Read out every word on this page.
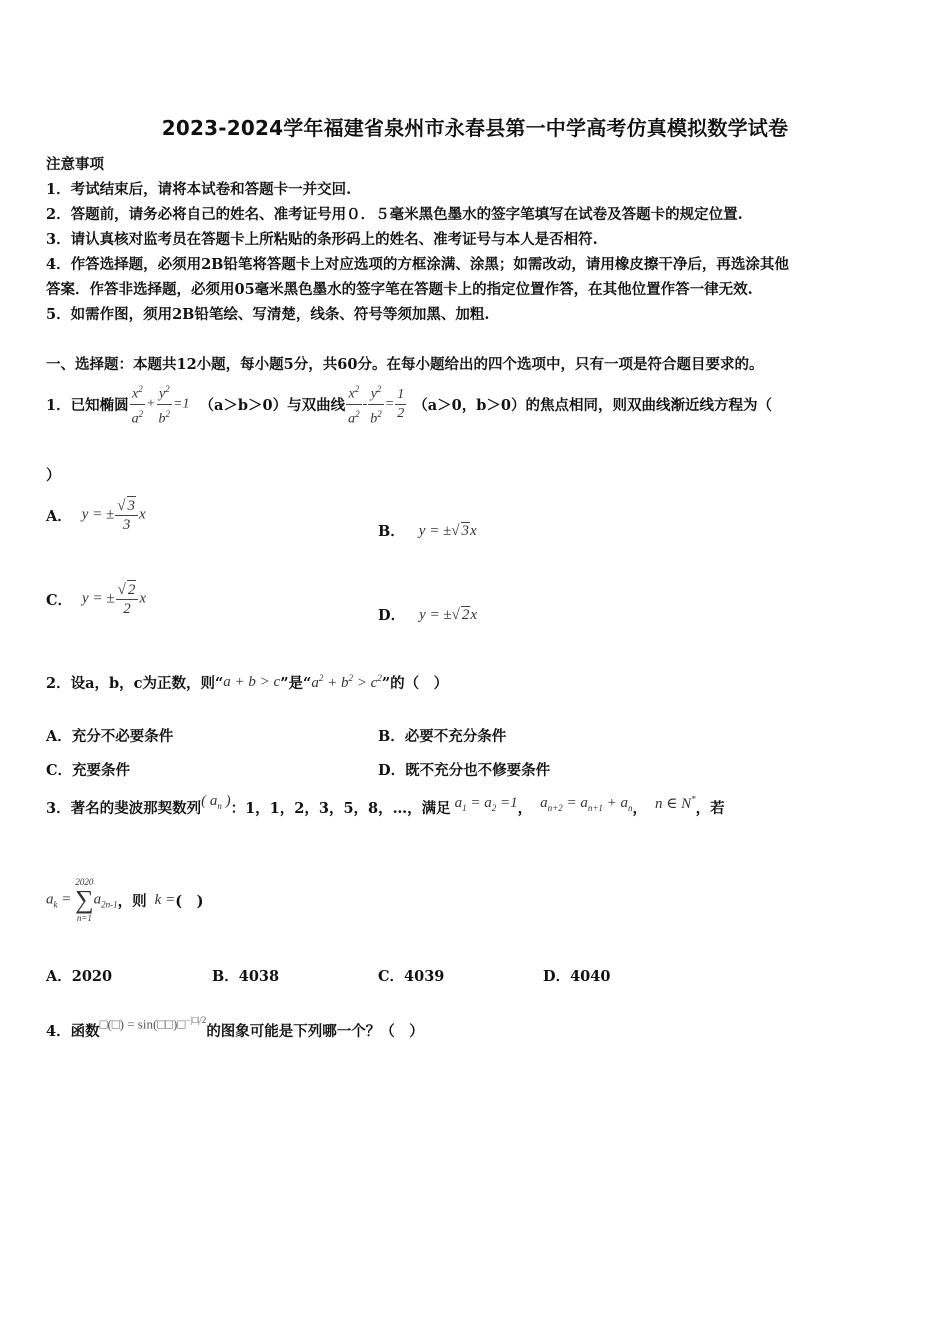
2023-2024学年福建省泉州市永春县第一中学高考仿真模拟数学试卷
注意事项
1．考试结束后，请将本试卷和答题卡一并交回.
2．答题前，请务必将自己的姓名、准考证号用０．５毫米黑色墨水的签字笔填写在试卷及答题卡的规定位置.
3．请认真核对监考员在答题卡上所粘贴的条形码上的姓名、准考证号与本人是否相符.
4．作答选择题，必须用2B铅笔将答题卡上对应选项的方框涂满、涂黑；如需改动，请用橡皮擦干净后，再选涂其他
答案．作答非选择题，必须用05毫米黑色墨水的签字笔在答题卡上的指定位置作答，在其他位置作答一律无效.
5．如需作图，须用2B铅笔绘、写清楚，线条、符号等须加黑、加粗.
一、选择题：本题共12小题，每小题5分，共60分。在每小题给出的四个选项中，只有一项是符合题目要求的。
1．已知椭圆 $\frac{x^2}{a^2} + \frac{y^2}{b^2} =1$ （a＞b＞0）与双曲线 $\frac{x^2}{a^2} - \frac{y^2}{b^2} = \frac{1}{2} (a>0$，b＞0）的焦点相同，则双曲线渐近线方程为（
）
A． y = ± $\frac{√ 3}{3}$ x
B． y = ±√ 3x
C． y = ± $\frac{√ 2}{2}$ x
D． y = ±√ 2x
2．设a，b，c为正数，则“ a + b > c ”是“ $a^2 + b^2 > c^2$ ”的（　）
A．充分不必要条件	B．必要不充分条件
C．充要条件	D．既不充分也不修要条件
3．著名的斐波那契数列 ( $a_n$ ) ：1，1，2，3，5，8，…，满足 $a_1 = a_2 =1$ ， $a_{n+2} = a_{n+1} + a_n$ ， n ∈ N*
，若
$a_k$ =
2020
∑
n=1
$a_{2n-1}$ ，则 k = (　)
A．2020	B．4038	C．4039	D．4040
4．函数 □(□) = sin(□□)□$^{-|□|/2}$
的图象可能是下列哪一个？（　）
